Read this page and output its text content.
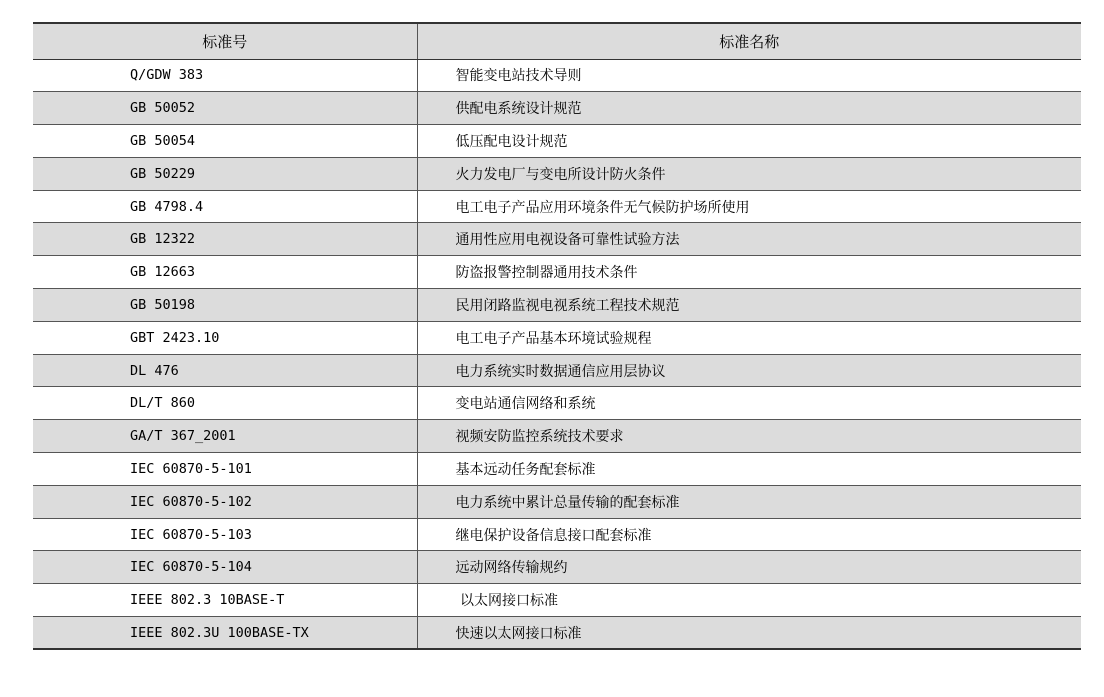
标准号	标准名称
Q/GDW 383	智能变电站技术导则
GB 50052	供配电系统设计规范
GB 50054	低压配电设计规范
GB 50229	火力发电厂与变电所设计防火条件
GB 4798.4	电工电子产品应用环境条件无气候防护场所使用
GB 12322	通用性应用电视设备可靠性试验方法
GB 12663	防盗报警控制器通用技术条件
GB 50198	民用闭路监视电视系统工程技术规范
GBT 2423.10	电工电子产品基本环境试验规程
DL 476	电力系统实时数据通信应用层协议
DL/T 860	变电站通信网络和系统
GA/T 367_2001	视频安防监控系统技术要求
IEC 60870-5-101	基本远动任务配套标准
IEC 60870-5-102	电力系统中累计总量传输的配套标准
IEC 60870-5-103	继电保护设备信息接口配套标准
IEC 60870-5-104	远动网络传输规约
IEEE 802.3 10BASE-T	以太网接口标准
IEEE 802.3U 100BASE-TX	快速以太网接口标准
